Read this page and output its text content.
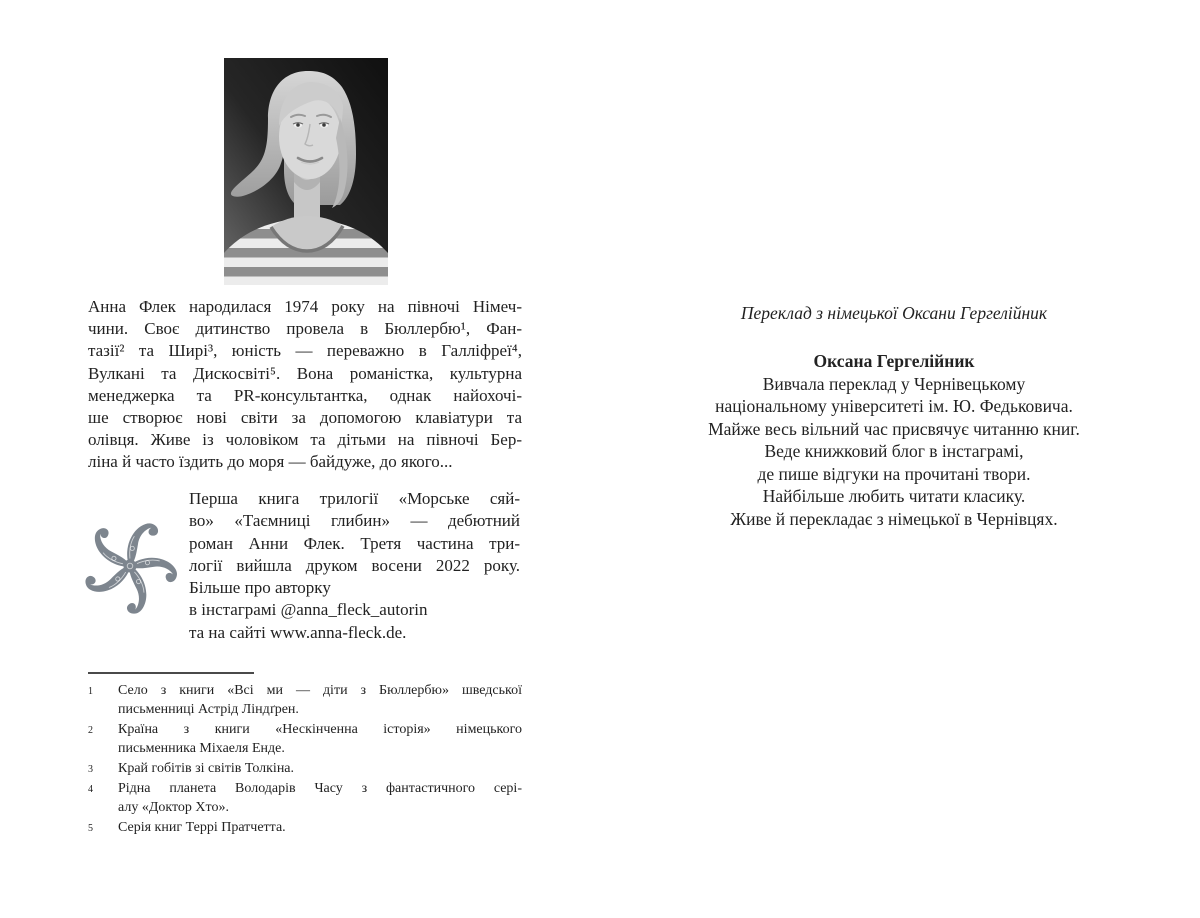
Анна Флек народилася 1974 року на півночі Німеч-
чини. Своє дитинство провела в Бюллербю¹, Фан-
тазії² та Ширі³, юність — переважно в Галліфреї⁴,
Вулкані та Дискосвіті⁵. Вона романістка, культурна
менеджерка та PR-консультантка, однак найохочі-
ше створює нові світи за допомогою клавіатури та
олівця. Живе із чоловіком та дітьми на півночі Бер-
ліна й часто їздить до моря — байдуже, до якого...
Перша книга трилогії «Морське сяй-
во» «Таємниці глибин» — дебютний
роман Анни Флек. Третя частина три-
логії вийшла друком восени 2022 року.
Більше про авторку
в інстаграмі @anna_fleck_autorin
та на сайті www.anna-fleck.de.
1	Село з книги «Всі ми — діти з Бюллербю» шведської
письменниці Астрід Ліндґрен.
2	Країна з книги «Нескінченна історія» німецького
письменника Міхаеля Енде.
3	Край гобітів зі світів Толкіна.
4	Рідна планета Володарів Часу з фантастичного сері-
алу «Доктор Хто».
5	Серія книг Террі Пратчетта.
Переклад з німецької Оксани Гергелійник
Оксана Гергелійник
Вивчала переклад у Чернівецькому
національному університеті ім. Ю. Федьковича.
Майже весь вільний час присвячує читанню книг.
Веде книжковий блог в інстаграмі,
де пише відгуки на прочитані твори.
Найбільше любить читати класику.
Живе й перекладає з німецької в Чернівцях.
